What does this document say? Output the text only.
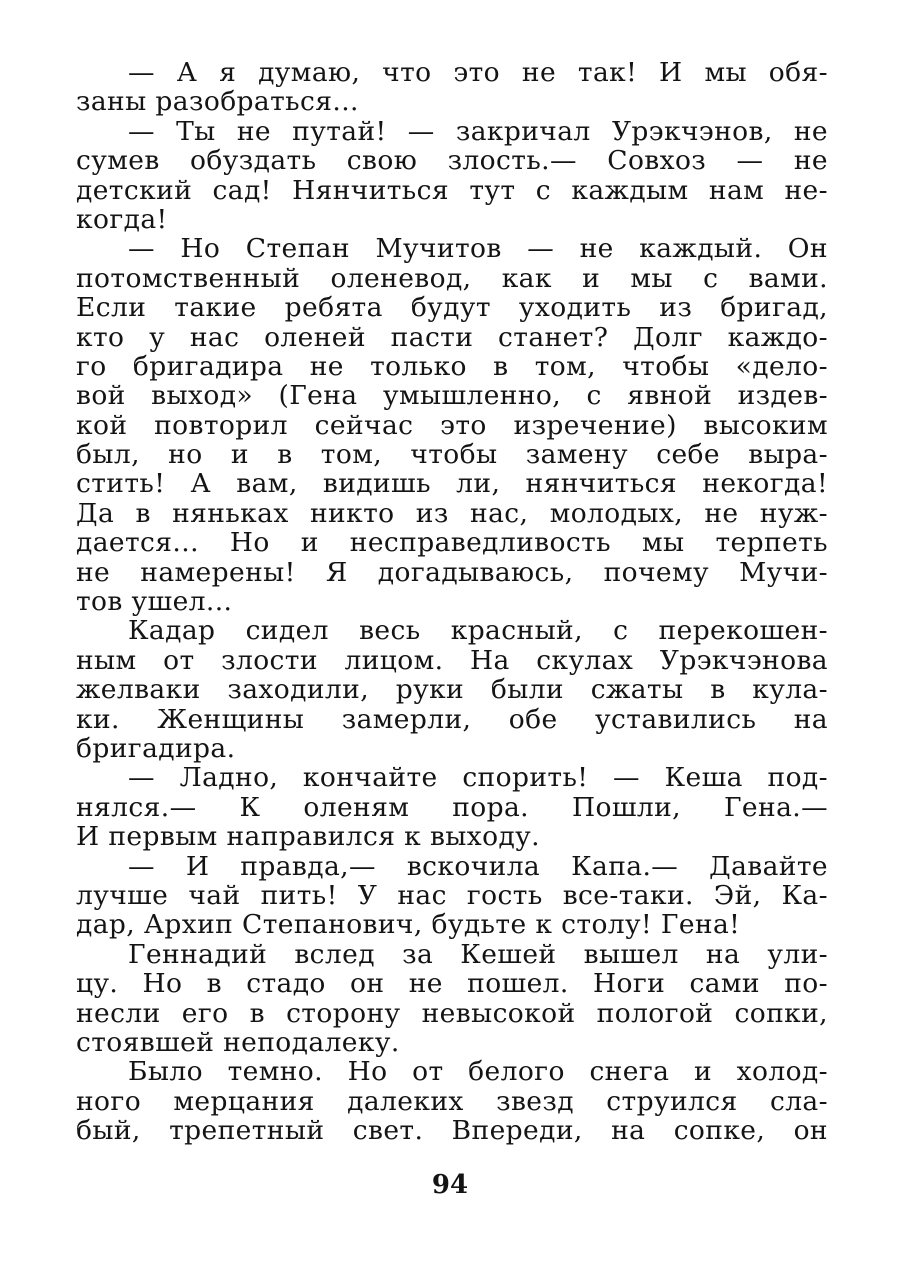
— А я думаю, что это не так! И мы обя-
заны разобраться...
— Ты не путай! — закричал Урэкчэнов, не
сумев обуздать свою злость.— Совхоз — не
детский сад! Нянчиться тут с каждым нам не-
когда!
— Но Степан Мучитов — не каждый. Он
потомственный оленевод, как и мы с вами.
Если такие ребята будут уходить из бригад,
кто у нас оленей пасти станет? Долг каждо-
го бригадира не только в том, чтобы «дело-
вой выход» (Гена умышленно, с явной издев-
кой повторил сейчас это изречение) высоким
был, но и в том, чтобы замену себе выра-
стить! А вам, видишь ли, нянчиться некогда!
Да в няньках никто из нас, молодых, не нуж-
дается... Но и несправедливость мы терпеть
не намерены! Я догадываюсь, почему Мучи-
тов ушел...
Кадар сидел весь красный, с перекошен-
ным от злости лицом. На скулах Урэкчэнова
желваки заходили, руки были сжаты в кула-
ки. Женщины замерли, обе уставились на
бригадира.
— Ладно, кончайте спорить! — Кеша под-
нялся.— К оленям пора. Пошли, Гена.—
И первым направился к выходу.
— И правда,— вскочила Капа.— Давайте
лучше чай пить! У нас гость все-таки. Эй, Ка-
дар, Архип Степанович, будьте к столу! Гена!
Геннадий вслед за Кешей вышел на ули-
цу. Но в стадо он не пошел. Ноги сами по-
несли его в сторону невысокой пологой сопки,
стоявшей неподалеку.
Было темно. Но от белого снега и холод-
ного мерцания далеких звезд струился сла-
бый, трепетный свет. Впереди, на сопке, он
94
